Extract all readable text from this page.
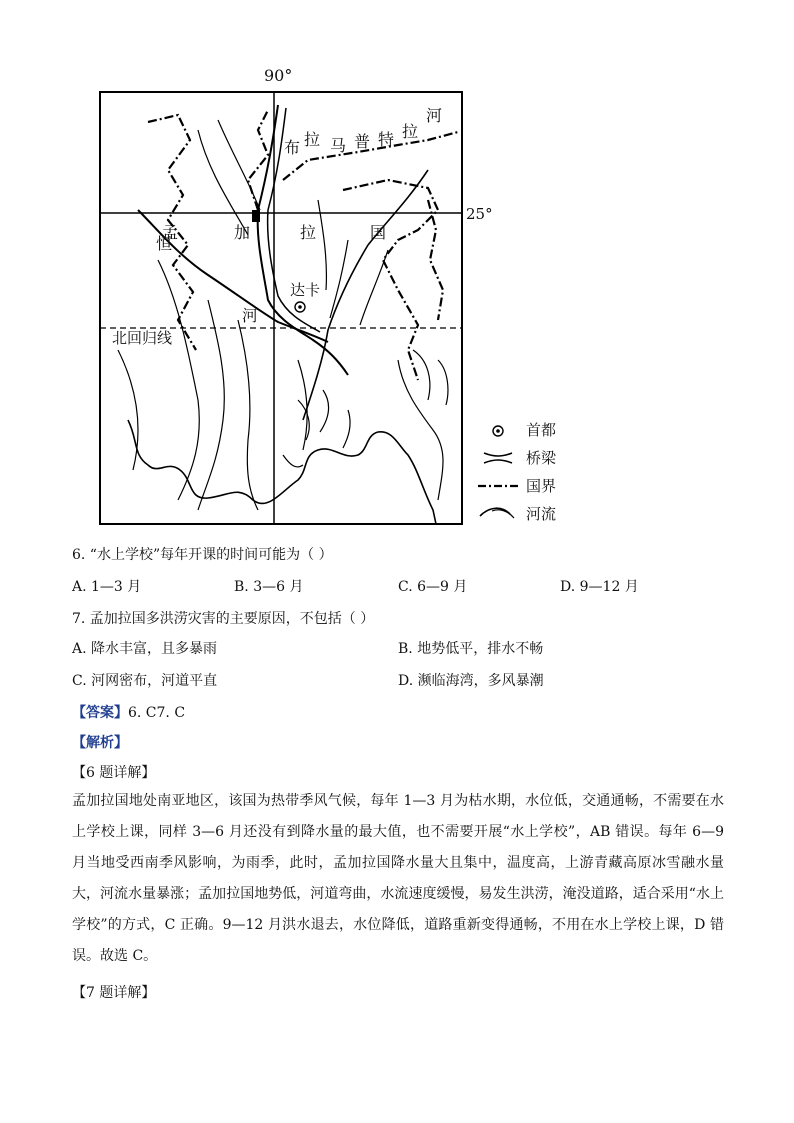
90°
25°
布 拉 马 普 特 拉
河
孟	加	拉	国
恒
河
达卡
北回归线
首都
桥梁
国界
河流
6. “水上学校”每年开课的时间可能为（ ）
A. 1—3 月	B. 3—6 月	C. 6—9 月	D. 9—12 月
7. 孟加拉国多洪涝灾害的主要原因，不包括（ ）
A. 降水丰富，且多暴雨	B. 地势低平，排水不畅
C. 河网密布，河道平直	D. 濒临海湾，多风暴潮
【答案】6. C7. C
【解析】
【6 题详解】
孟加拉国地处南亚地区，该国为热带季风气候，每年 1—3 月为枯水期，水位低，交通通畅，不需要在水上学校上课，同样 3—6 月还没有到降水量的最大值，也不需要开展“水上学校”，AB 错误。每年 6—9 月当地受西南季风影响，为雨季，此时，孟加拉国降水量大且集中，温度高，上游青藏高原冰雪融水量大，河流水量暴涨；孟加拉国地势低，河道弯曲，水流速度缓慢，易发生洪涝，淹没道路，适合采用“水上学校”的方式，C 正确。9—12 月洪水退去，水位降低，道路重新变得通畅，不用在水上学校上课，D 错误。故选 C。
【7 题详解】
